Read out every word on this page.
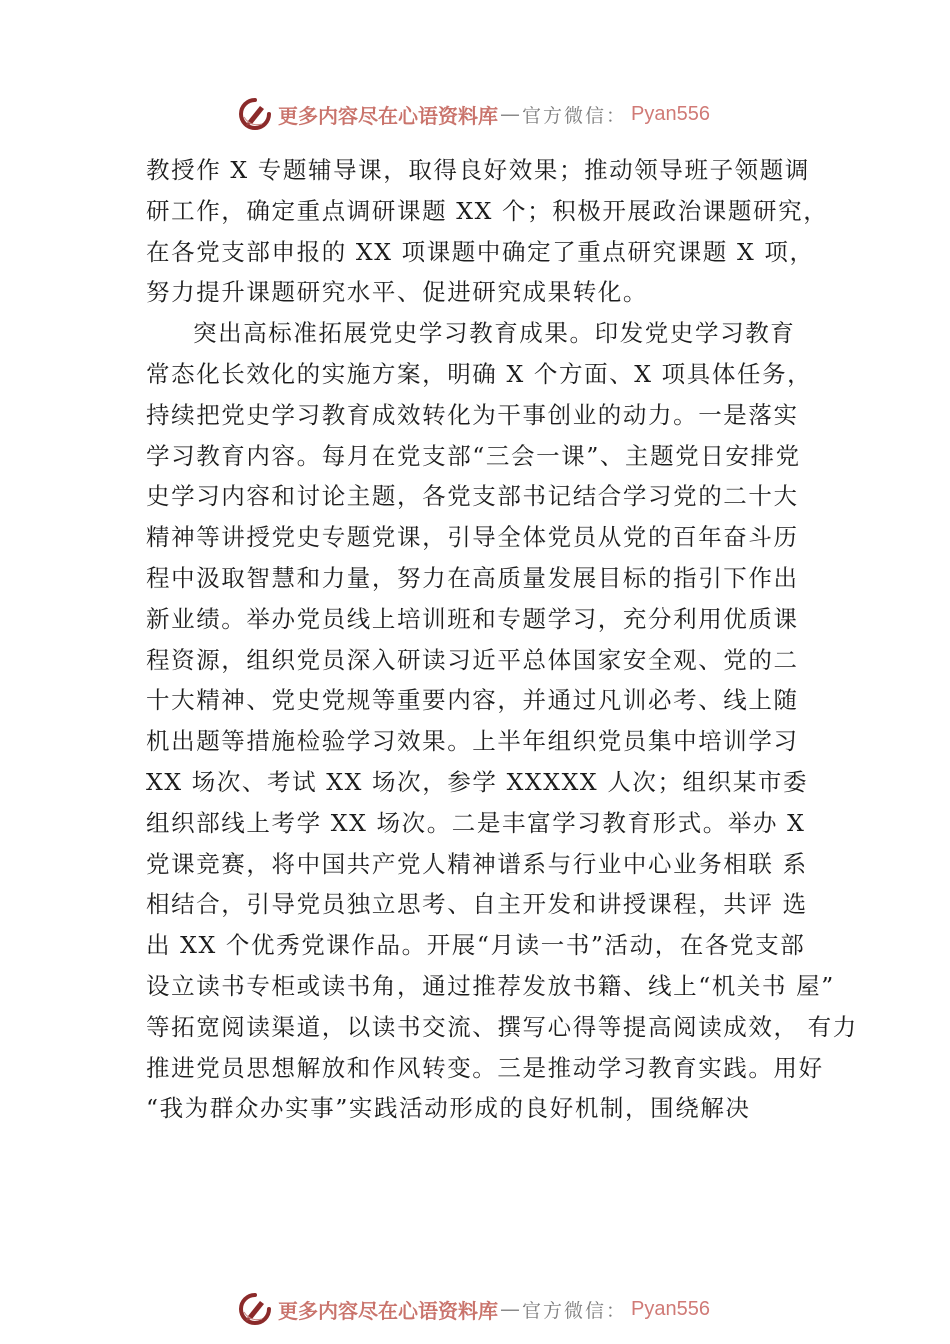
更多内容尽在心语资料库 — 官方微信： Pyan556
教授作 X 专题辅导课，取得良好效果；推动领导班子领题调
研工作，确定重点调研课题 XX 个；积极开展政治课题研究，
在各党支部申报的 XX 项课题中确定了重点研究课题 X 项，
努力提升课题研究水平、促进研究成果转化。
突出高标准拓展党史学习教育成果。印发党史学习教育
常态化长效化的实施方案，明确 X 个方面、X 项具体任务，
持续把党史学习教育成效转化为干事创业的动力。一是落实
学习教育内容。每月在党支部“三会一课”、主题党日安排党
史学习内容和讨论主题，各党支部书记结合学习党的二十大
精神等讲授党史专题党课，引导全体党员从党的百年奋斗历
程中汲取智慧和力量，努力在高质量发展目标的指引下作出
新业绩。举办党员线上培训班和专题学习，充分利用优质课
程资源，组织党员深入研读习近平总体国家安全观、党的二
十大精神、党史党规等重要内容，并通过凡训必考、线上随
机出题等措施检验学习效果。上半年组织党员集中培训学习
XX 场次、考试 XX 场次，参学 XXXXX 人次；组织某市委
组织部线上考学 XX 场次。二是丰富学习教育形式。举办 X
党课竞赛，将中国共产党人精神谱系与行业中心业务相联 系
相结合，引导党员独立思考、自主开发和讲授课程，共评 选
出 XX 个优秀党课作品。开展“月读一书”活动，在各党支部
设立读书专柜或读书角，通过推荐发放书籍、线上“机关书 屋”
等拓宽阅读渠道，以读书交流、撰写心得等提高阅读成效， 有力
推进党员思想解放和作风转变。三是推动学习教育实践。用好
“我为群众办实事”实践活动形成的良好机制，围绕解决
更多内容尽在心语资料库 — 官方微信： Pyan556
